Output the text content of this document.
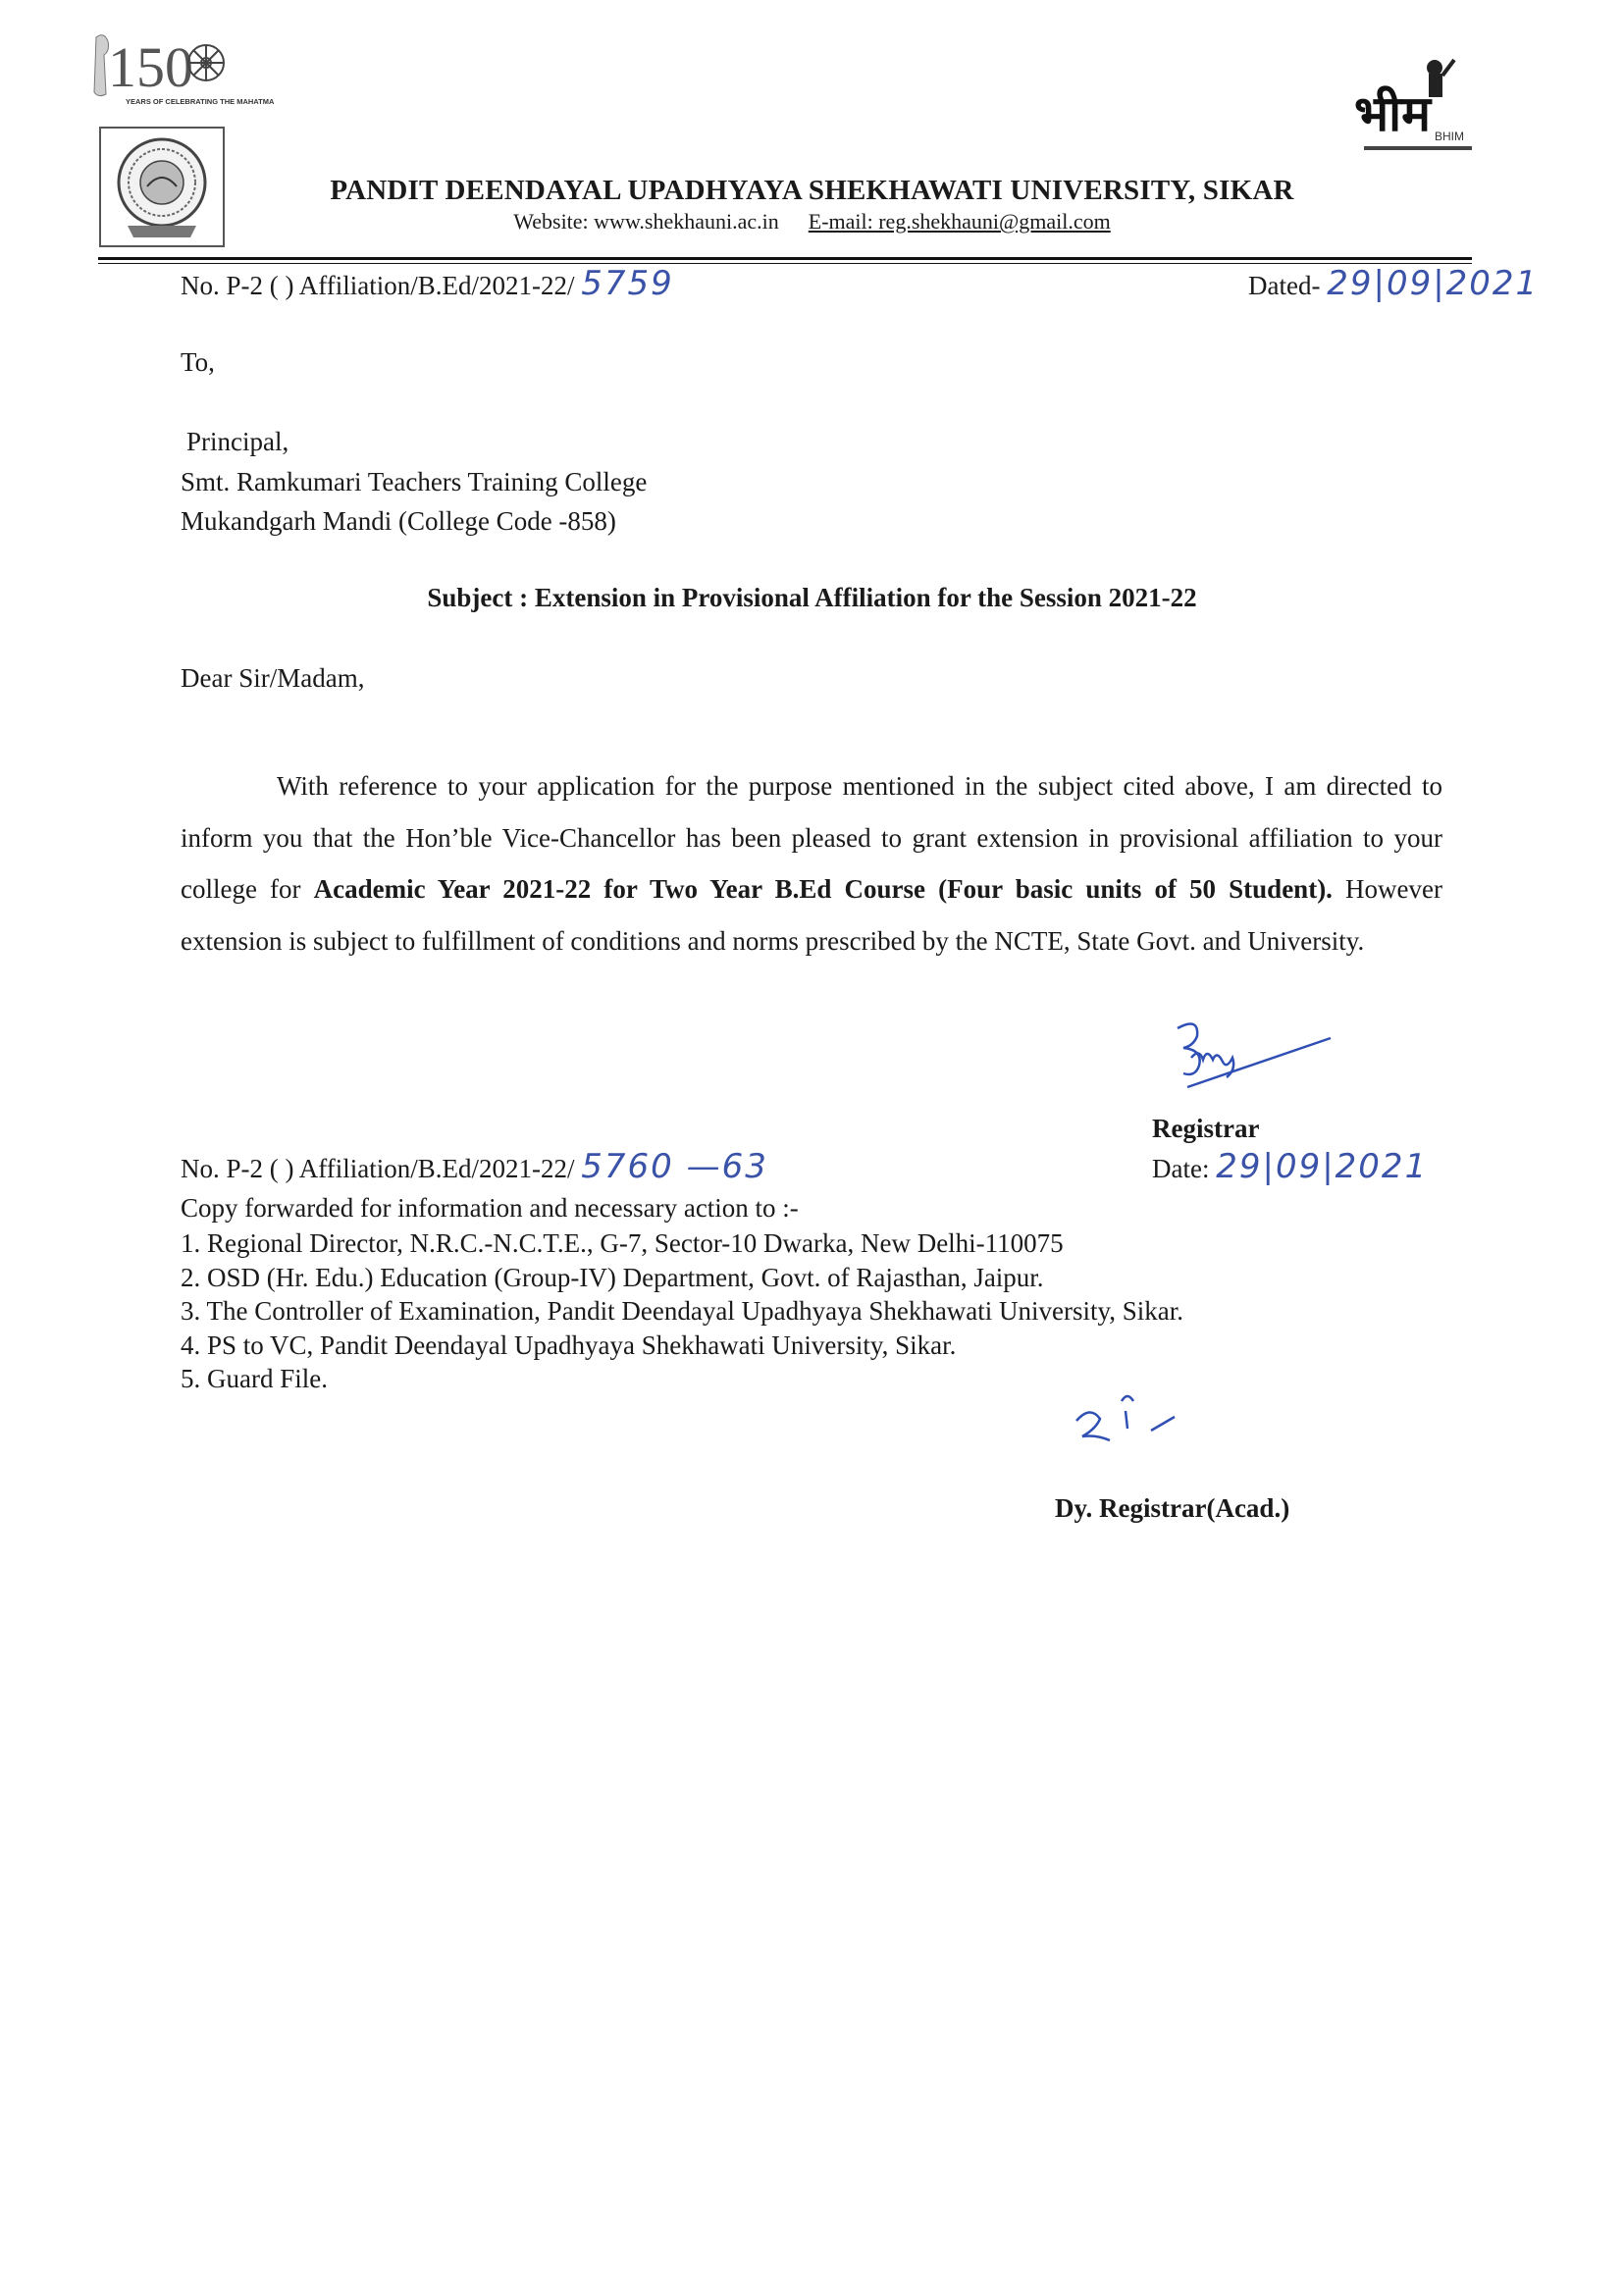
150
YEARS OF CELEBRATING THE MAHATMA	भीम BHIM
PANDIT DEENDAYAL UPADHYAYA SHEKHAWATI UNIVERSITY, SIKAR
Website: www.shekhauni.ac.in E-mail: reg.shekhauni@gmail.com
No. P-2 ( ) Affiliation/B.Ed/2021-22/ 5759	Dated- 29|09|2021
To,
Principal,
Smt. Ramkumari Teachers Training College
Mukandgarh Mandi (College Code -858)
Subject : Extension in Provisional Affiliation for the Session 2021-22
Dear Sir/Madam,
With reference to your application for the purpose mentioned in the subject cited above, I am directed to inform you that the Hon’ble Vice-Chancellor has been pleased to grant extension in provisional affiliation to your college for Academic Year 2021-22 for Two Year B.Ed Course (Four basic units of 50 Student). However extension is subject to fulfillment of conditions and norms prescribed by the NCTE, State Govt. and University.
Registrar
No. P-2 ( ) Affiliation/B.Ed/2021-22/ 5760 —63	Date: 29|09|2021
Copy forwarded for information and necessary action to :-
1. Regional Director, N.R.C.-N.C.T.E., G-7, Sector-10 Dwarka, New Delhi-110075
2. OSD (Hr. Edu.) Education (Group-IV) Department, Govt. of Rajasthan, Jaipur.
3. The Controller of Examination, Pandit Deendayal Upadhyaya Shekhawati University, Sikar.
4. PS to VC, Pandit Deendayal Upadhyaya Shekhawati University, Sikar.
5. Guard File.
Dy. Registrar(Acad.)
